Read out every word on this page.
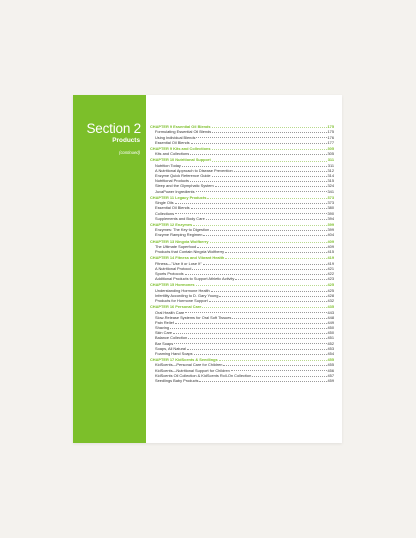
Section 2
Products
(continued)
CHAPTER 9 Essential Oil Blends	175
Formulating Essential Oil Blends	175
Using Individual Blends	176
Essential Oil Blends	177
CHAPTER 9 Kits and Collections	305
Kits and Collections	305
CHAPTER 10 Nutritional Support	311
Nutrition Today	311
A Nutritional Approach to Disease Prevention	312
Enzyme Quick Reference Guide	314
Nutritional Products	315
Sleep and the Glymphatic System	324
JuvaPower Ingredients	341
CHAPTER 11 Legacy Products	373
Single Oils	373
Essential Oil Blends	380
Collections	390
Supplements and Body Care	394
CHAPTER 12 Enzymes	399
Enzymes: The Key to Digestion	399
Enzyme Ramping Regimen	404
CHAPTER 13 Ningxia Wolfberry	409
The Ultimate Superfood	409
Products that Contain Ningxia Wolfberry	415
CHAPTER 14 Fitness and Vibrant Health	419
Fitness—"Use It or Lose It"	419
A Nutritional Protocol	421
Sports Protocols	422
Additional Products to Support Athletic Activity	423
CHAPTER 15 Hormones	425
Understanding Hormone Health	425
Infertility According to D. Gary Young	428
Products for Hormone Support	432
CHAPTER 16 Personal Care	435
Oral Health Care	443
Slow-Release Systems for Oral Soft Tissues	448
Pain Relief	449
Shaving	450
Skin Care	450
Balance Collection	451
Bar Soaps	452
Soaps, All Natural	453
Foaming Hand Soaps	454
CHAPTER 17 KidScents & Seedlings	455
KidScents—Personal Care for Children	455
KidScents—Nutritional Support for Children	456
KidScents Oil Collection & KidScents Roll-On Collection	457
Seedlings Baby Products	459
